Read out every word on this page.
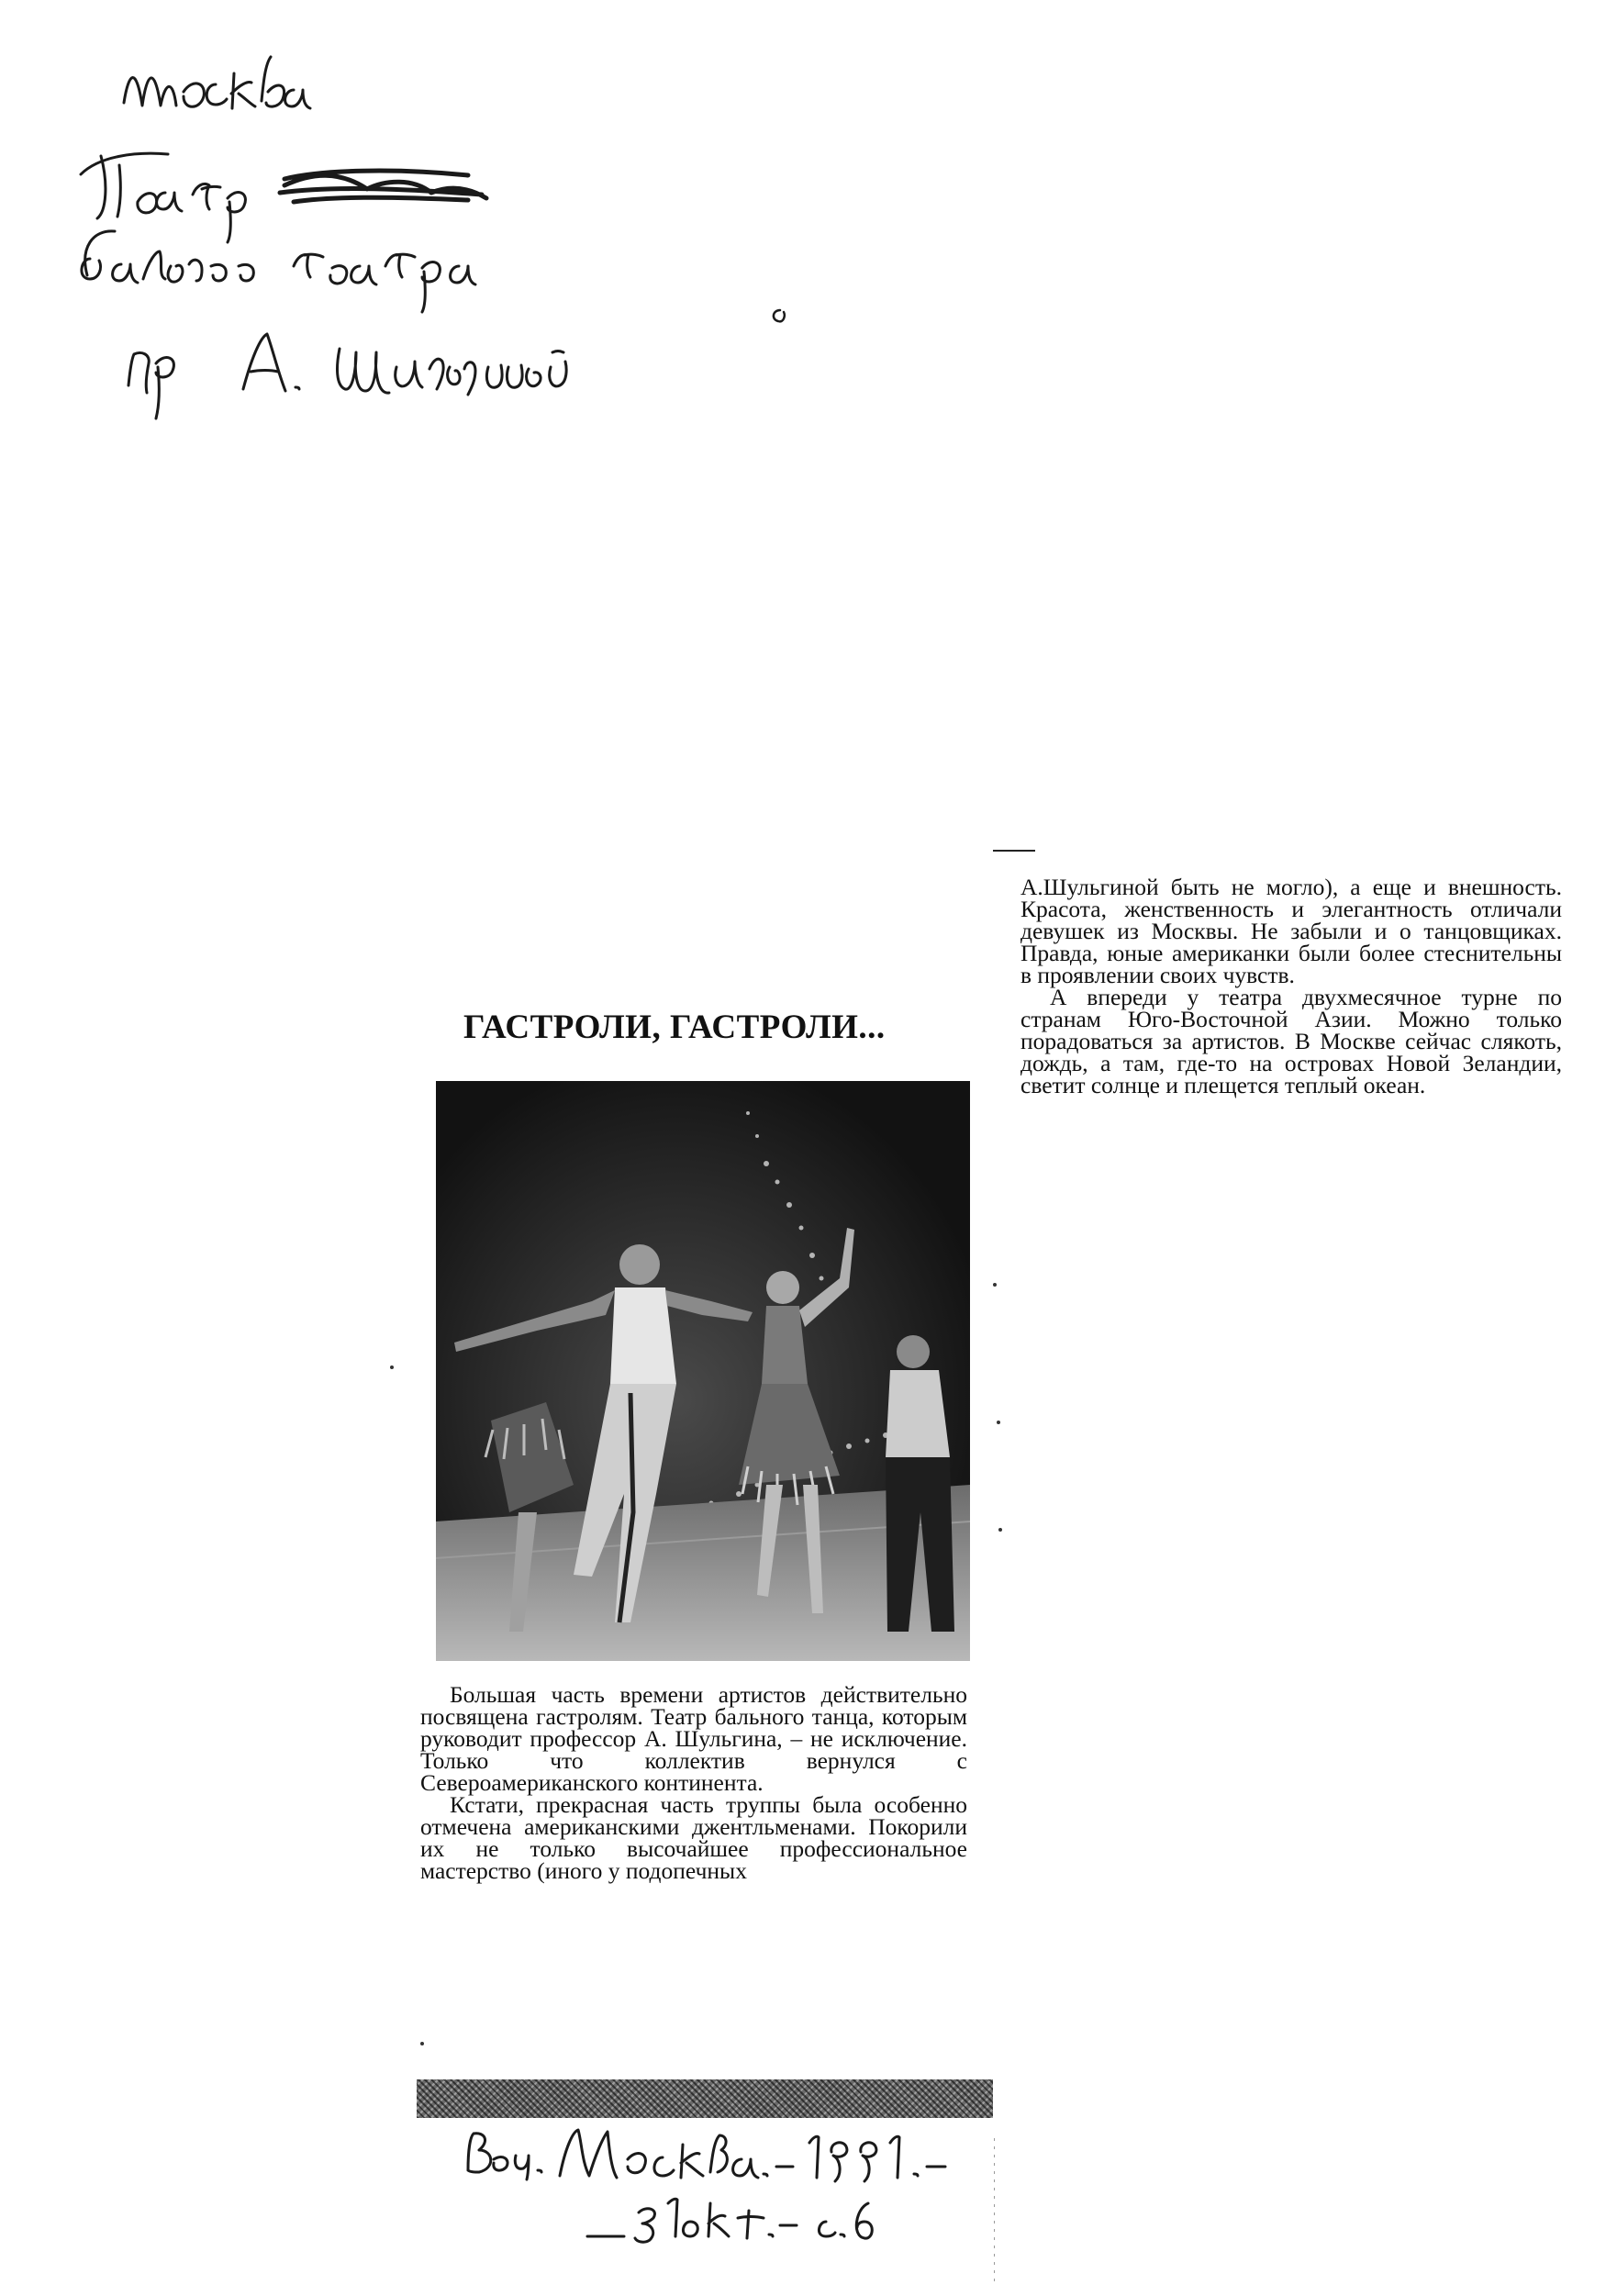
А.Шульгиной быть не могло), а еще и внешность. Красота, женственность и элегантность отличали девушек из Москвы. Не забыли и о танцовщиках. Правда, юные американки были более стеснительны в проявлении своих чувств.

А впереди у театра двухмесячное турне по странам Юго-Восточной Азии. Можно только порадоваться за артистов. В Москве сейчас слякоть, дождь, а там, где-то на островах Новой Зеландии, светит солнце и плещется теплый океан.

ГАСТРОЛИ, ГАСТРОЛИ...

Большая часть времени артистов действительно посвящена гастролям. Театр бального танца, которым руководит профессор А. Шульгина, – не исключение. Только что коллектив вернулся с Североамериканского континента.

Кстати, прекрасная часть труппы была особенно отмечена американскими джентльменами. Покорили их не только высочайшее профессиональное мастерство (иного у подопечных
